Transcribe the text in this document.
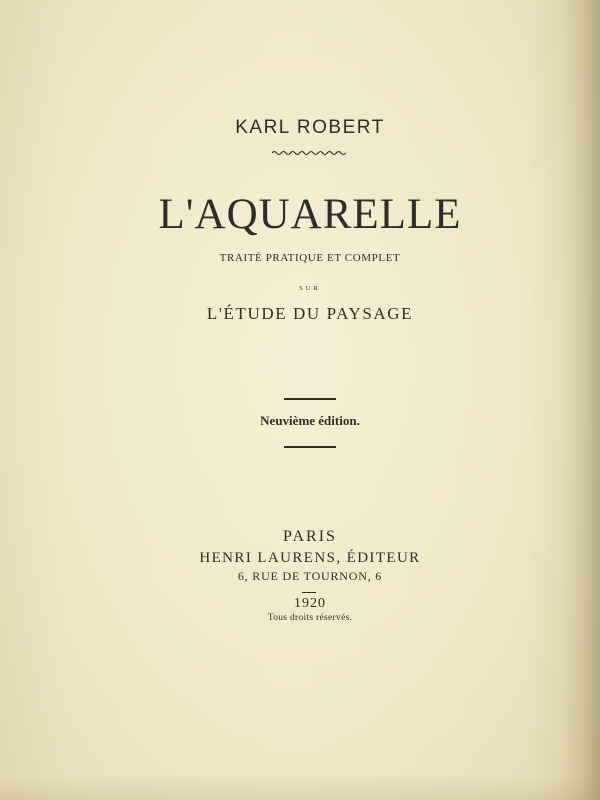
KARL ROBERT
L'AQUARELLE
TRAITÉ PRATIQUE ET COMPLET
SUR
L'ÉTUDE DU PAYSAGE
Neuvième édition.
PARIS
HENRI LAURENS, ÉDITEUR
6, RUE DE TOURNON, 6
1920
Tous droits réservés.
